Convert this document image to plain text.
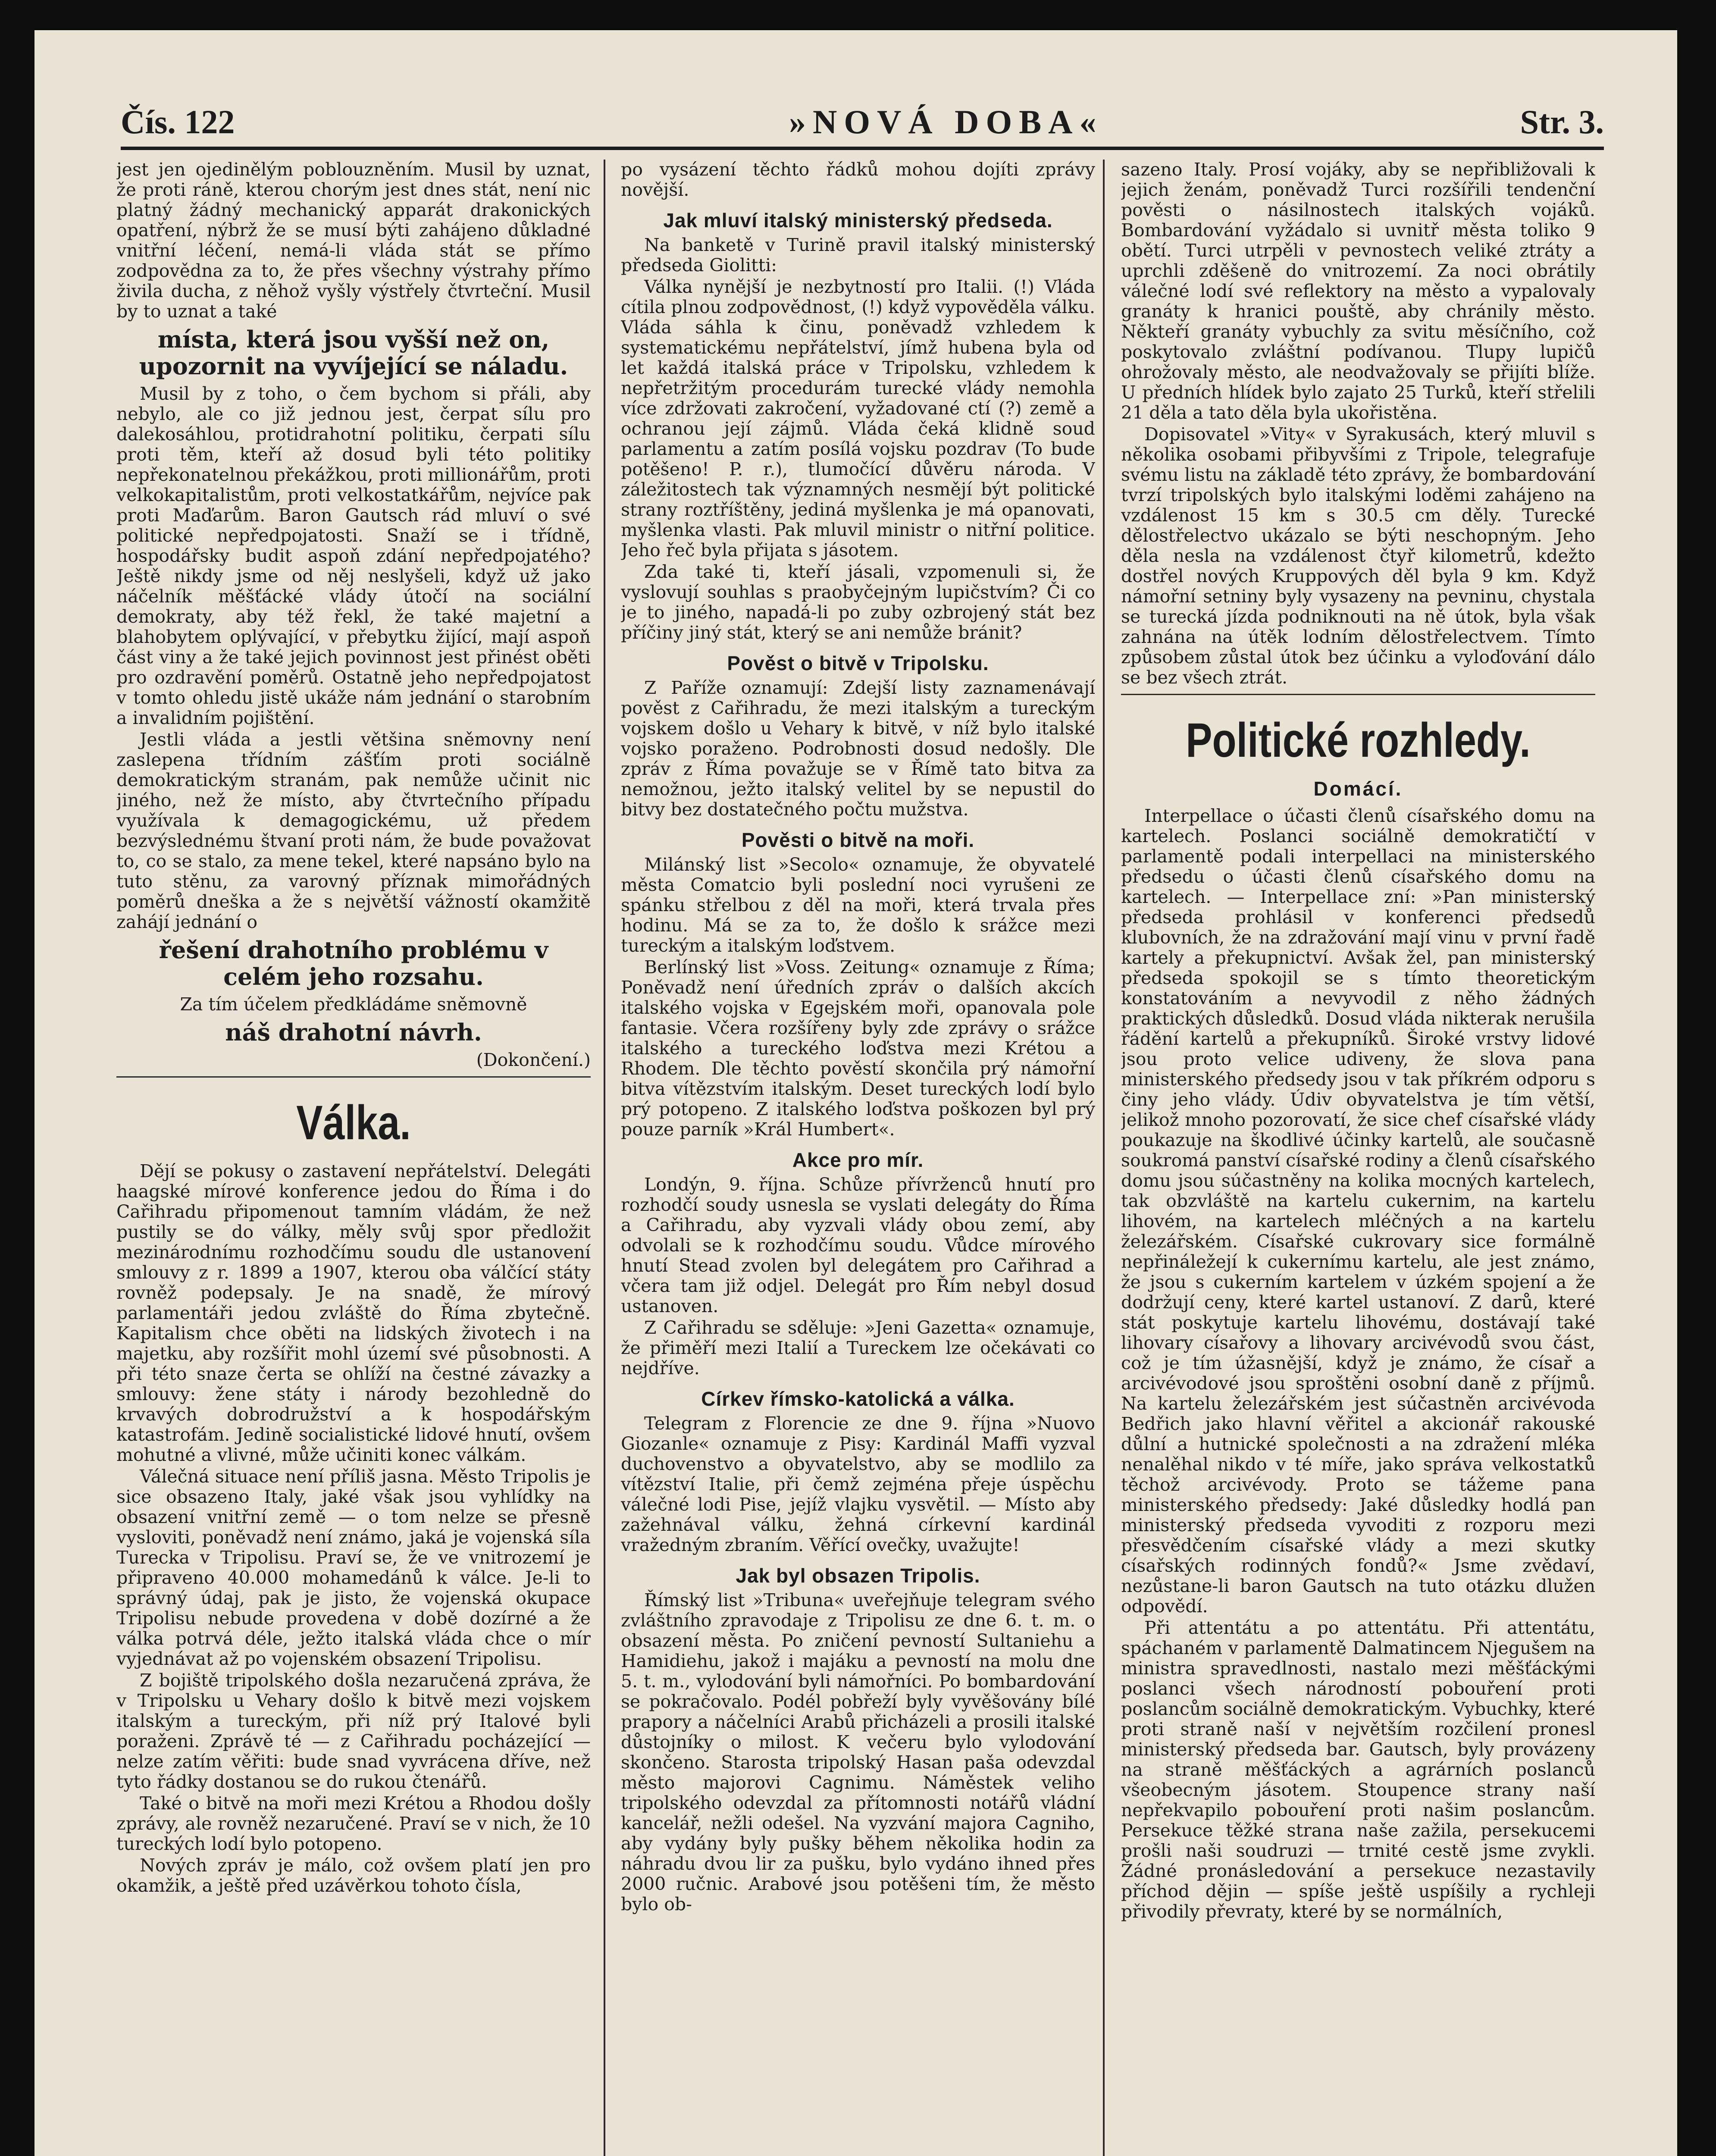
Čís. 122	»NOVÁ DOBA«	Str. 3.

jest jen ojedinělým poblouzněním. Musil by uznat, že proti ráně, kterou chorým jest dnes stát, není nic platný žádný mechanický apparát drakonických opatření, nýbrž že se musí býti zahájeno důkladné vnitřní léčení, nemá-li vláda stát se přímo zodpovědna za to, že přes všechny výstrahy přímo živila ducha, z něhož vyšly výstřely čtvrteční. Musil by to uznat a také

místa, která jsou vyšší než on, upozornit na vyvíjející se náladu.

Musil by z toho, o čem bychom si přáli, aby nebylo, ale co již jednou jest, čerpat sílu pro dalekosáhlou, protidrahotní politiku, čerpati sílu proti těm, kteří až dosud byli této politiky nepřekonatelnou překážkou, proti millionářům, proti velkokapitalistům, proti velkostatkářům, nejvíce pak proti Maďarům. Baron Gautsch rád mluví o své politické nepředpojatosti. Snaží se i třídně, hospodářsky budit aspoň zdání nepředpojatého? Ještě nikdy jsme od něj neslyšeli, když už jako náčelník měšťácké vlády útočí na sociální demokraty, aby též řekl, že také majetní a blahobytem oplývající, v přebytku žijící, mají aspoň část viny a že také jejich povinnost jest přinést oběti pro ozdravění poměrů. Ostatně jeho nepředpojatost v tomto ohledu jistě ukáže nám jednání o starobním a invalidním pojištění.

Jestli vláda a jestli většina sněmovny není zaslepena třídním zášťím proti sociálně demokratickým stranám, pak nemůže učinit nic jiného, než že místo, aby čtvrtečního případu využívala k demagogickému, už předem bezvýslednému štvaní proti nám, že bude považovat to, co se stalo, za mene tekel, které napsáno bylo na tuto stěnu, za varovný příznak mimořádných poměrů dneška a že s největší vážností okamžitě zahájí jednání o

řešení drahotního problému v celém jeho rozsahu.

Za tím účelem předkládáme sněmovně

náš drahotní návrh.

(Dokončení.)

Válka.

Dějí se pokusy o zastavení nepřátelství. Delegáti haagské mírové konference jedou do Říma i do Cařihradu připomenout tamním vládám, že než pustily se do války, měly svůj spor předložit mezinárodnímu rozhodčímu soudu dle ustanovení smlouvy z r. 1899 a 1907, kterou oba válčící státy rovněž podepsaly. Je na snadě, že mírový parlamentáři jedou zvláště do Říma zbytečně. Kapitalism chce oběti na lidských životech i na majetku, aby rozšířit mohl území své působnosti. A při této snaze čerta se ohlíží na čestné závazky a smlouvy: žene státy i národy bezohledně do krvavých dobrodružství a k hospodářským katastrofám. Jedině socialistické lidové hnutí, ovšem mohutné a vlivné, může učiniti konec válkám.

Válečná situace není příliš jasna. Město Tripolis je sice obsazeno Italy, jaké však jsou vyhlídky na obsazení vnitřní země — o tom nelze se přesně vysloviti, poněvadž není známo, jaká je vojenská síla Turecka v Tripolisu. Praví se, že ve vnitrozemí je připraveno 40.000 mohamedánů k válce. Je-li to správný údaj, pak je jisto, že vojenská okupace Tripolisu nebude provedena v době dozírné a že válka potrvá déle, ježto italská vláda chce o mír vyjednávat až po vojenském obsazení Tripolisu.

Z bojiště tripolského došla nezaručená zpráva, že v Tripolsku u Vehary došlo k bitvě mezi vojskem italským a tureckým, při níž prý Italové byli poraženi. Zprávě té — z Cařihradu pocházející — nelze zatím věřiti: bude snad vyvrácena dříve, než tyto řádky dostanou se do rukou čtenářů.

Také o bitvě na moři mezi Krétou a Rhodou došly zprávy, ale rovněž nezaručené. Praví se v nich, že 10 tureckých lodí bylo potopeno.

Nových zpráv je málo, což ovšem platí jen pro okamžik, a ještě před uzávěrkou tohoto čísla,

po vysázení těchto řádků mohou dojíti zprávy novější.

Jak mluví italský ministerský předseda.

Na banketě v Turině pravil italský ministerský předseda Giolitti:

Válka nynější je nezbytností pro Italii. (!) Vláda cítila plnou zodpovědnost, (!) když vypověděla válku. Vláda sáhla k činu, poněvadž vzhledem k systematickému nepřátelství, jímž hubena byla od let každá italská práce v Tripolsku, vzhledem k nepřetržitým procedurám turecké vlády nemohla více zdržovati zakročení, vyžadované ctí (?) země a ochranou její zájmů. Vláda čeká klidně soud parlamentu a zatím posílá vojsku pozdrav (To bude potěšeno! P. r.), tlumočící důvěru národa. V záležitostech tak významných nesmějí být politické strany roztříštěny, jediná myšlenka je má opanovati, myšlenka vlasti. Pak mluvil ministr o nitřní politice. Jeho řeč byla přijata s jásotem.

Zda také ti, kteří jásali, vzpomenuli si, že vyslovují souhlas s praobyčejným lupičstvím? Či co je to jiného, napadá-li po zuby ozbrojený stát bez příčiny jiný stát, který se ani nemůže bránit?

Pověst o bitvě v Tripolsku.

Z Paříže oznamují: Zdejší listy zaznamenávají pověst z Cařihradu, že mezi italským a tureckým vojskem došlo u Vehary k bitvě, v níž bylo italské vojsko poraženo. Podrobnosti dosud nedošly. Dle zpráv z Říma považuje se v Římě tato bitva za nemožnou, ježto italský velitel by se nepustil do bitvy bez dostatečného počtu mužstva.

Pověsti o bitvě na moři.

Milánský list »Secolo« oznamuje, že obyvatelé města Comatcio byli poslední noci vyrušeni ze spánku střelbou z děl na moři, která trvala přes hodinu. Má se za to, že došlo k srážce mezi tureckým a italským loďstvem.

Berlínský list »Voss. Zeitung« oznamuje z Říma; Poněvadž není úředních zpráv o dalších akcích italského vojska v Egejském moři, opanovala pole fantasie. Včera rozšířeny byly zde zprávy o srážce italského a tureckého loďstva mezi Krétou a Rhodem. Dle těchto pověstí skončila prý námořní bitva vítězstvím italským. Deset tureckých lodí bylo prý potopeno. Z italského loďstva poškozen byl prý pouze parník »Král Humbert«.

Akce pro mír.

Londýn, 9. října. Schůze přívrženců hnutí pro rozhodčí soudy usnesla se vyslati delegáty do Říma a Cařihradu, aby vyzvali vlády obou zemí, aby odvolali se k rozhodčímu soudu. Vůdce mírového hnutí Stead zvolen byl delegátem pro Cařihrad a včera tam již odjel. Delegát pro Řím nebyl dosud ustanoven.

Z Cařihradu se sděluje: »Jeni Gazetta« oznamuje, že přiměří mezi Italií a Tureckem lze očekávati co nejdříve.

Církev římsko-katolická a válka.

Telegram z Florencie ze dne 9. října »Nuovo Giozanle« oznamuje z Pisy: Kardinál Maffi vyzval duchovenstvo a obyvatelstvo, aby se modlilo za vítězství Italie, při čemž zejména přeje úspěchu válečné lodi Pise, jejíž vlajku vysvětil. — Místo aby zažehnával válku, žehná církevní kardinál vražedným zbraním. Věřící ovečky, uvažujte!

Jak byl obsazen Tripolis.

Římský list »Tribuna« uveřejňuje telegram svého zvláštního zpravodaje z Tripolisu ze dne 6. t. m. o obsazení města. Po zničení pevností Sultaniehu a Hamidiehu, jakož i majáku a pevností na molu dne 5. t. m., vylodování byli námořníci. Po bombardování se pokračovalo. Podél pobřeží byly vyvěšovány bílé prapory a náčelníci Arabů přicházeli a prosili italské důstojníky o milost. K večeru bylo vylodování skončeno. Starosta tripolský Hasan paša odevzdal město majorovi Cagnimu. Náměstek veliho tripolského odevzdal za přítomnosti notářů vládní kancelář, nežli odešel. Na vyzvání majora Cagniho, aby vydány byly pušky během několika hodin za náhradu dvou lir za pušku, bylo vydáno ihned přes 2000 ručnic. Arabové jsou potěšeni tím, že město bylo ob-

sazeno Italy. Prosí vojáky, aby se nepřibližovali k jejich ženám, poněvadž Turci rozšířili tendenční pověsti o násilnostech italských vojáků. Bombardování vyžádalo si uvnitř města toliko 9 obětí. Turci utrpěli v pevnostech veliké ztráty a uprchli zděšeně do vnitrozemí. Za noci obrátily válečné lodí své reflektory na město a vypalovaly granáty k hranici pouště, aby chránily město. Někteří granáty vybuchly za svitu měsíčního, což poskytovalo zvláštní podívanou. Tlupy lupičů ohrožovaly město, ale neodvažovaly se přijíti blíže. U předních hlídek bylo zajato 25 Turků, kteří střelili 21 děla a tato děla byla ukořistěna.

Dopisovatel »Vity« v Syrakusách, který mluvil s několika osobami přibyvšími z Tripole, telegrafuje svému listu na základě této zprávy, že bombardování tvrzí tripolských bylo italskými loděmi zahájeno na vzdálenost 15 km s 30.5 cm děly. Turecké dělostřelectvo ukázalo se býti neschopným. Jeho děla nesla na vzdálenost čtyř kilometrů, kdežto dostřel nových Kruppových děl byla 9 km. Když námořní setniny byly vysazeny na pevninu, chystala se turecká jízda podniknouti na ně útok, byla však zahnána na útěk lodním dělostřelectvem. Tímto způsobem zůstal útok bez účinku a vyloďování dálo se bez všech ztrát.

Politické rozhledy.
Domácí.

Interpellace o účasti členů císařského domu na kartelech. Poslanci sociálně demokratičtí v parlamentě podali interpellaci na ministerského předsedu o účasti členů císařského domu na kartelech. — Interpellace zní: »Pan ministerský předseda prohlásil v konferenci předsedů klubovních, že na zdražování mají vinu v první řadě kartely a překupnictví. Avšak žel, pan ministerský předseda spokojil se s tímto theoretickým konstatováním a nevyvodil z něho žádných praktických důsledků. Dosud vláda nikterak nerušila řádění kartelů a překupníků. Široké vrstvy lidové jsou proto velice udiveny, že slova pana ministerského předsedy jsou v tak příkrém odporu s činy jeho vlády. Údiv obyvatelstva je tím větší, jelikož mnoho pozorovatí, že sice chef císařské vlády poukazuje na škodlivé účinky kartelů, ale současně soukromá panství císařské rodiny a členů císařského domu jsou súčastněny na kolika mocných kartelech, tak obzvláště na kartelu cukernim, na kartelu lihovém, na kartelech mléčných a na kartelu železářském. Císařské cukrovary sice formálně nepřináležejí k cukernímu kartelu, ale jest známo, že jsou s cukerním kartelem v úzkém spojení a že dodržují ceny, které kartel ustanoví. Z darů, které stát poskytuje kartelu lihovému, dostávají také lihovary císařovy a lihovary arcivévodů svou část, což je tím úžasnější, když je známo, že císař a arcivévodové jsou sproštěni osobní daně z příjmů. Na kartelu železářském jest súčastněn arcivévoda Bedřich jako hlavní věřitel a akcionář rakouské důlní a hutnické společnosti a na zdražení mléka nenalěhal nikdo v té míře, jako správa velkostatků těchož arcivévody. Proto se tážeme pana ministerského předsedy: Jaké důsledky hodlá pan ministerský předseda vyvoditi z rozporu mezi přesvědčením císařské vlády a mezi skutky císařských rodinných fondů?« Jsme zvědaví, nezůstane-li baron Gautsch na tuto otázku dlužen odpovědí.

Při attentátu a po attentátu. Při attentátu, spáchaném v parlamentě Dalmatincem Njegušem na ministra spravedlnosti, nastalo mezi měšťáckými poslanci všech národností pobouření proti poslancům sociálně demokratickým. Vybuchky, které proti straně naší v největším rozčilení pronesl ministerský předseda bar. Gautsch, byly provázeny na straně měšťáckých a agrárních poslanců všeobecným jásotem. Stoupence strany naší nepřekvapilo pobouření proti našim poslancům. Persekuce těžké strana naše zažila, persekucemi prošli naši soudruzi — trnité cestě jsme zvykli. Žádné pronásledování a persekuce nezastavily příchod dějin — spíše ještě uspíšily a rychleji přivodily převraty, které by se normálních,
